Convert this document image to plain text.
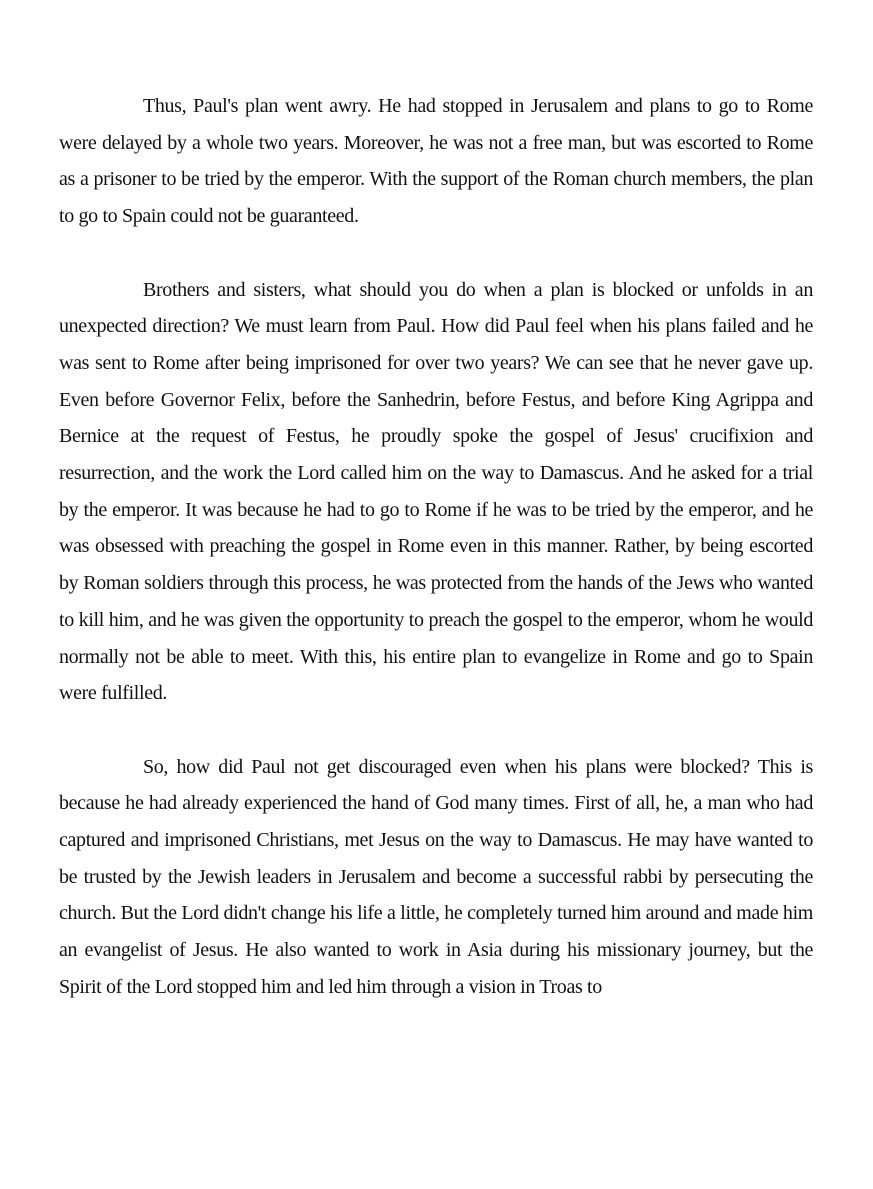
Thus, Paul's plan went awry. He had stopped in Jerusalem and plans to go to Rome were delayed by a whole two years. Moreover, he was not a free man, but was escorted to Rome as a prisoner to be tried by the emperor. With the support of the Roman church members, the plan to go to Spain could not be guaranteed.

Brothers and sisters, what should you do when a plan is blocked or unfolds in an unexpected direction? We must learn from Paul. How did Paul feel when his plans failed and he was sent to Rome after being imprisoned for over two years? We can see that he never gave up. Even before Governor Felix, before the Sanhedrin, before Festus, and before King Agrippa and Bernice at the request of Festus, he proudly spoke the gospel of Jesus' crucifixion and resurrection, and the work the Lord called him on the way to Damascus. And he asked for a trial by the emperor. It was because he had to go to Rome if he was to be tried by the emperor, and he was obsessed with preaching the gospel in Rome even in this manner. Rather, by being escorted by Roman soldiers through this process, he was protected from the hands of the Jews who wanted to kill him, and he was given the opportunity to preach the gospel to the emperor, whom he would normally not be able to meet. With this, his entire plan to evangelize in Rome and go to Spain were fulfilled.

So, how did Paul not get discouraged even when his plans were blocked? This is because he had already experienced the hand of God many times. First of all, he, a man who had captured and imprisoned Christians, met Jesus on the way to Damascus. He may have wanted to be trusted by the Jewish leaders in Jerusalem and become a successful rabbi by persecuting the church. But the Lord didn't change his life a little, he completely turned him around and made him an evangelist of Jesus. He also wanted to work in Asia during his missionary journey, but the Spirit of the Lord stopped him and led him through a vision in Troas to
